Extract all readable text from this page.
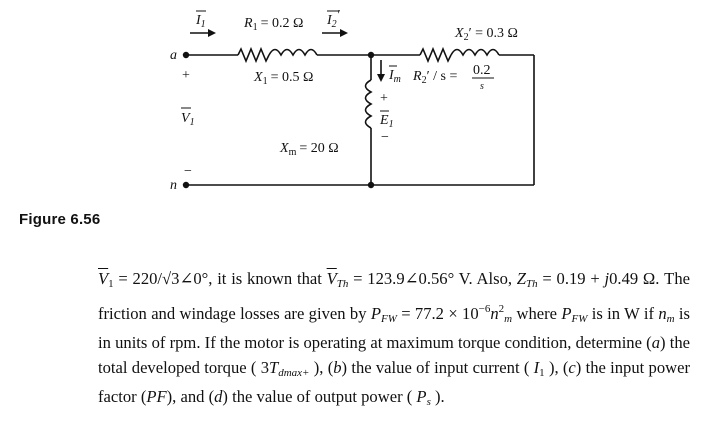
$I_1$	$R_1 = 0.2$ Ω $I_2'$
$X_2' = 0.3$ Ω
$X_1 = 0.5$ Ω	$I_m$ $R_2' / s = 0.2$
s
+
$E_1$
−
$X_m = 20$ Ω
a
n
+
$V_1$
−
Figure 6.56

$\overline{V}_1$ = 220/√3∠0°, it is known that $\overline{V}_{Th}$ = 123.9∠0.56° V. Also, $Z_{Th} = 0.19 + j0.49$ Ω. The friction and windage losses are given by $P_{FW} = 77.2 \times 10^{-6}n^2_m$ where $P_{FW}$ is in W if $n_m$ is in units of rpm. If the motor is operating at maximum torque condition, determine (a) the total developed torque ( $3T_{dmax+}$ ), (b) the value of input current ( $I_1$ ), (c) the input power factor (PF), and (d) the value of output power ( $P_s$ ).
